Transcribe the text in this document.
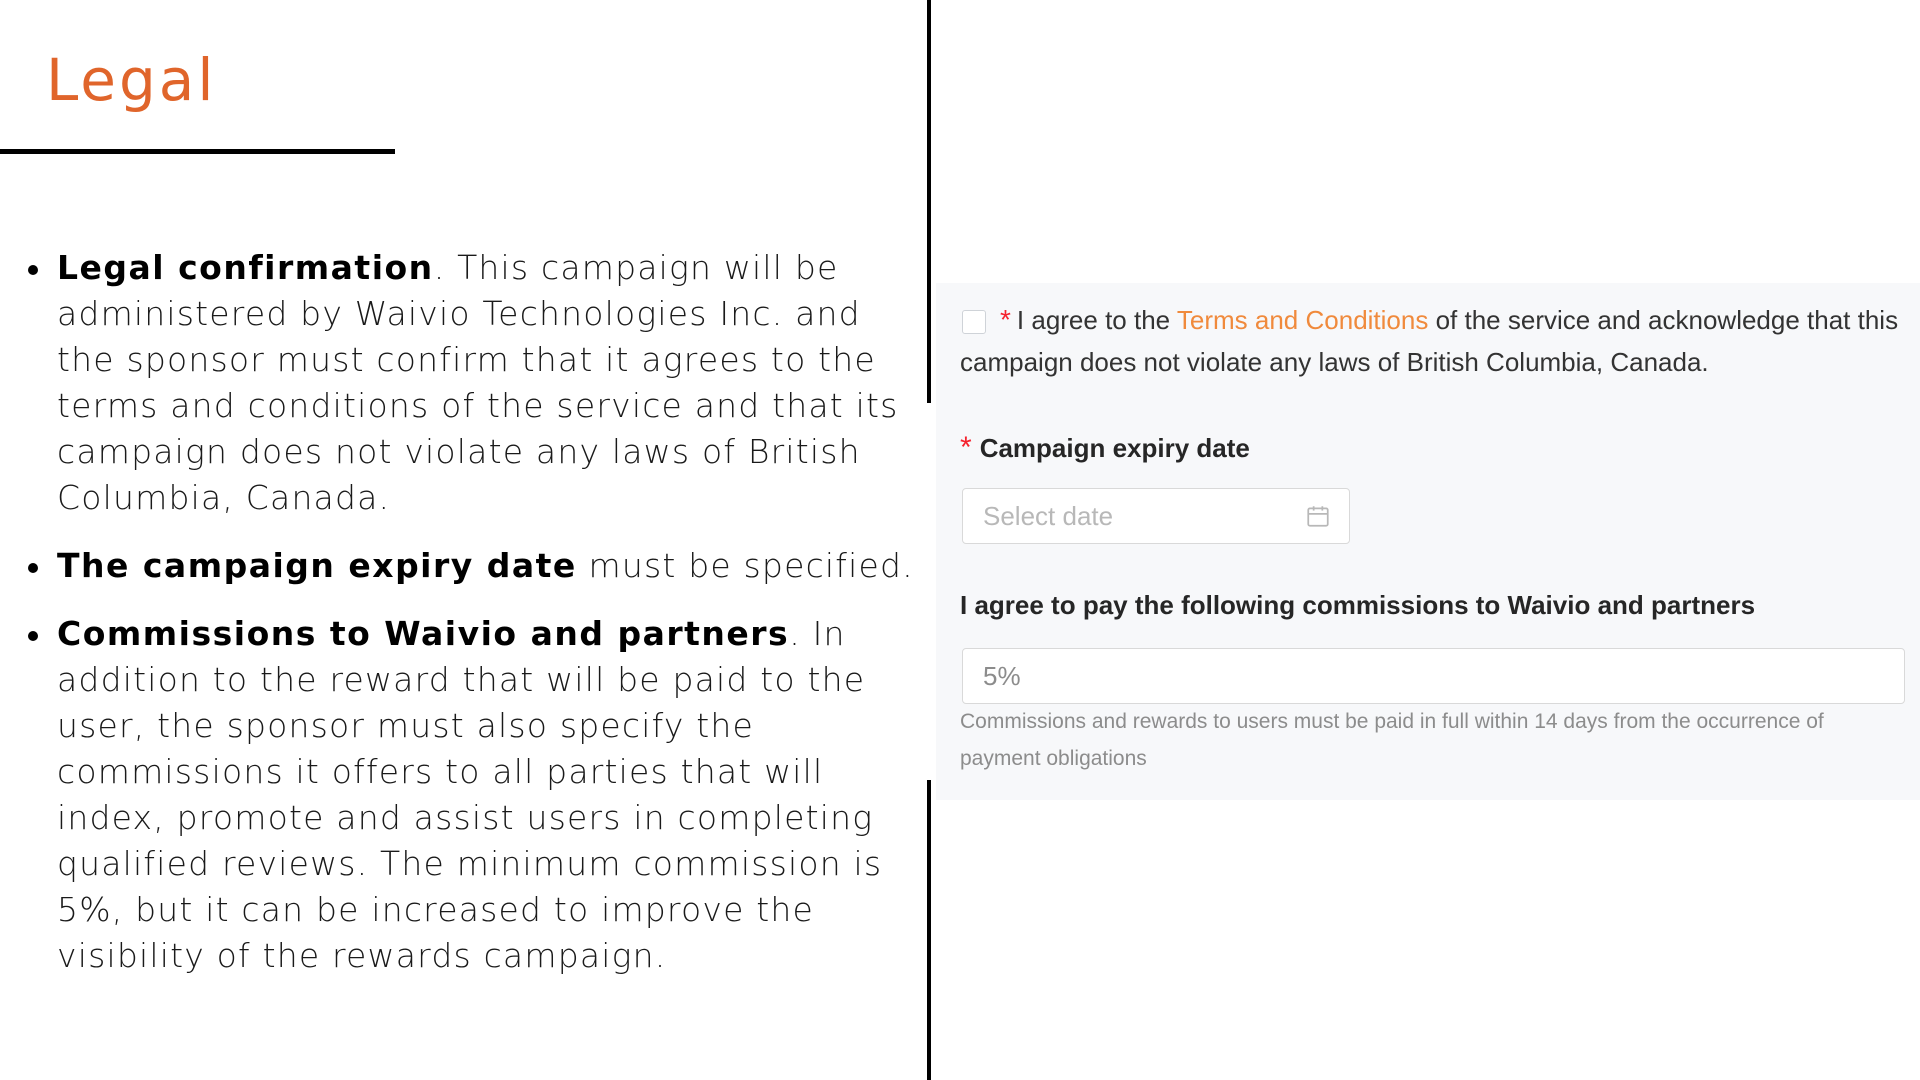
Legal
Legal confirmation. This campaign will be administered by Waivio Technologies Inc. and the sponsor must confirm that it agrees to the terms and conditions of the service and that its campaign does not violate any laws of British Columbia, Canada.
The campaign expiry date must be specified.
Commissions to Waivio and partners. In addition to the reward that will be paid to the user, the sponsor must also specify the commissions it offers to all parties that will index, promote and assist users in completing qualified reviews. The minimum commission is 5%, but it can be increased to improve the visibility of the rewards campaign.

* I agree to the Terms and Conditions of the service and acknowledge that this campaign does not violate any laws of British Columbia, Canada.

* Campaign expiry date

Select date

I agree to pay the following commissions to Waivio and partners

5%

Commissions and rewards to users must be paid in full within 14 days from the occurrence of payment obligations
